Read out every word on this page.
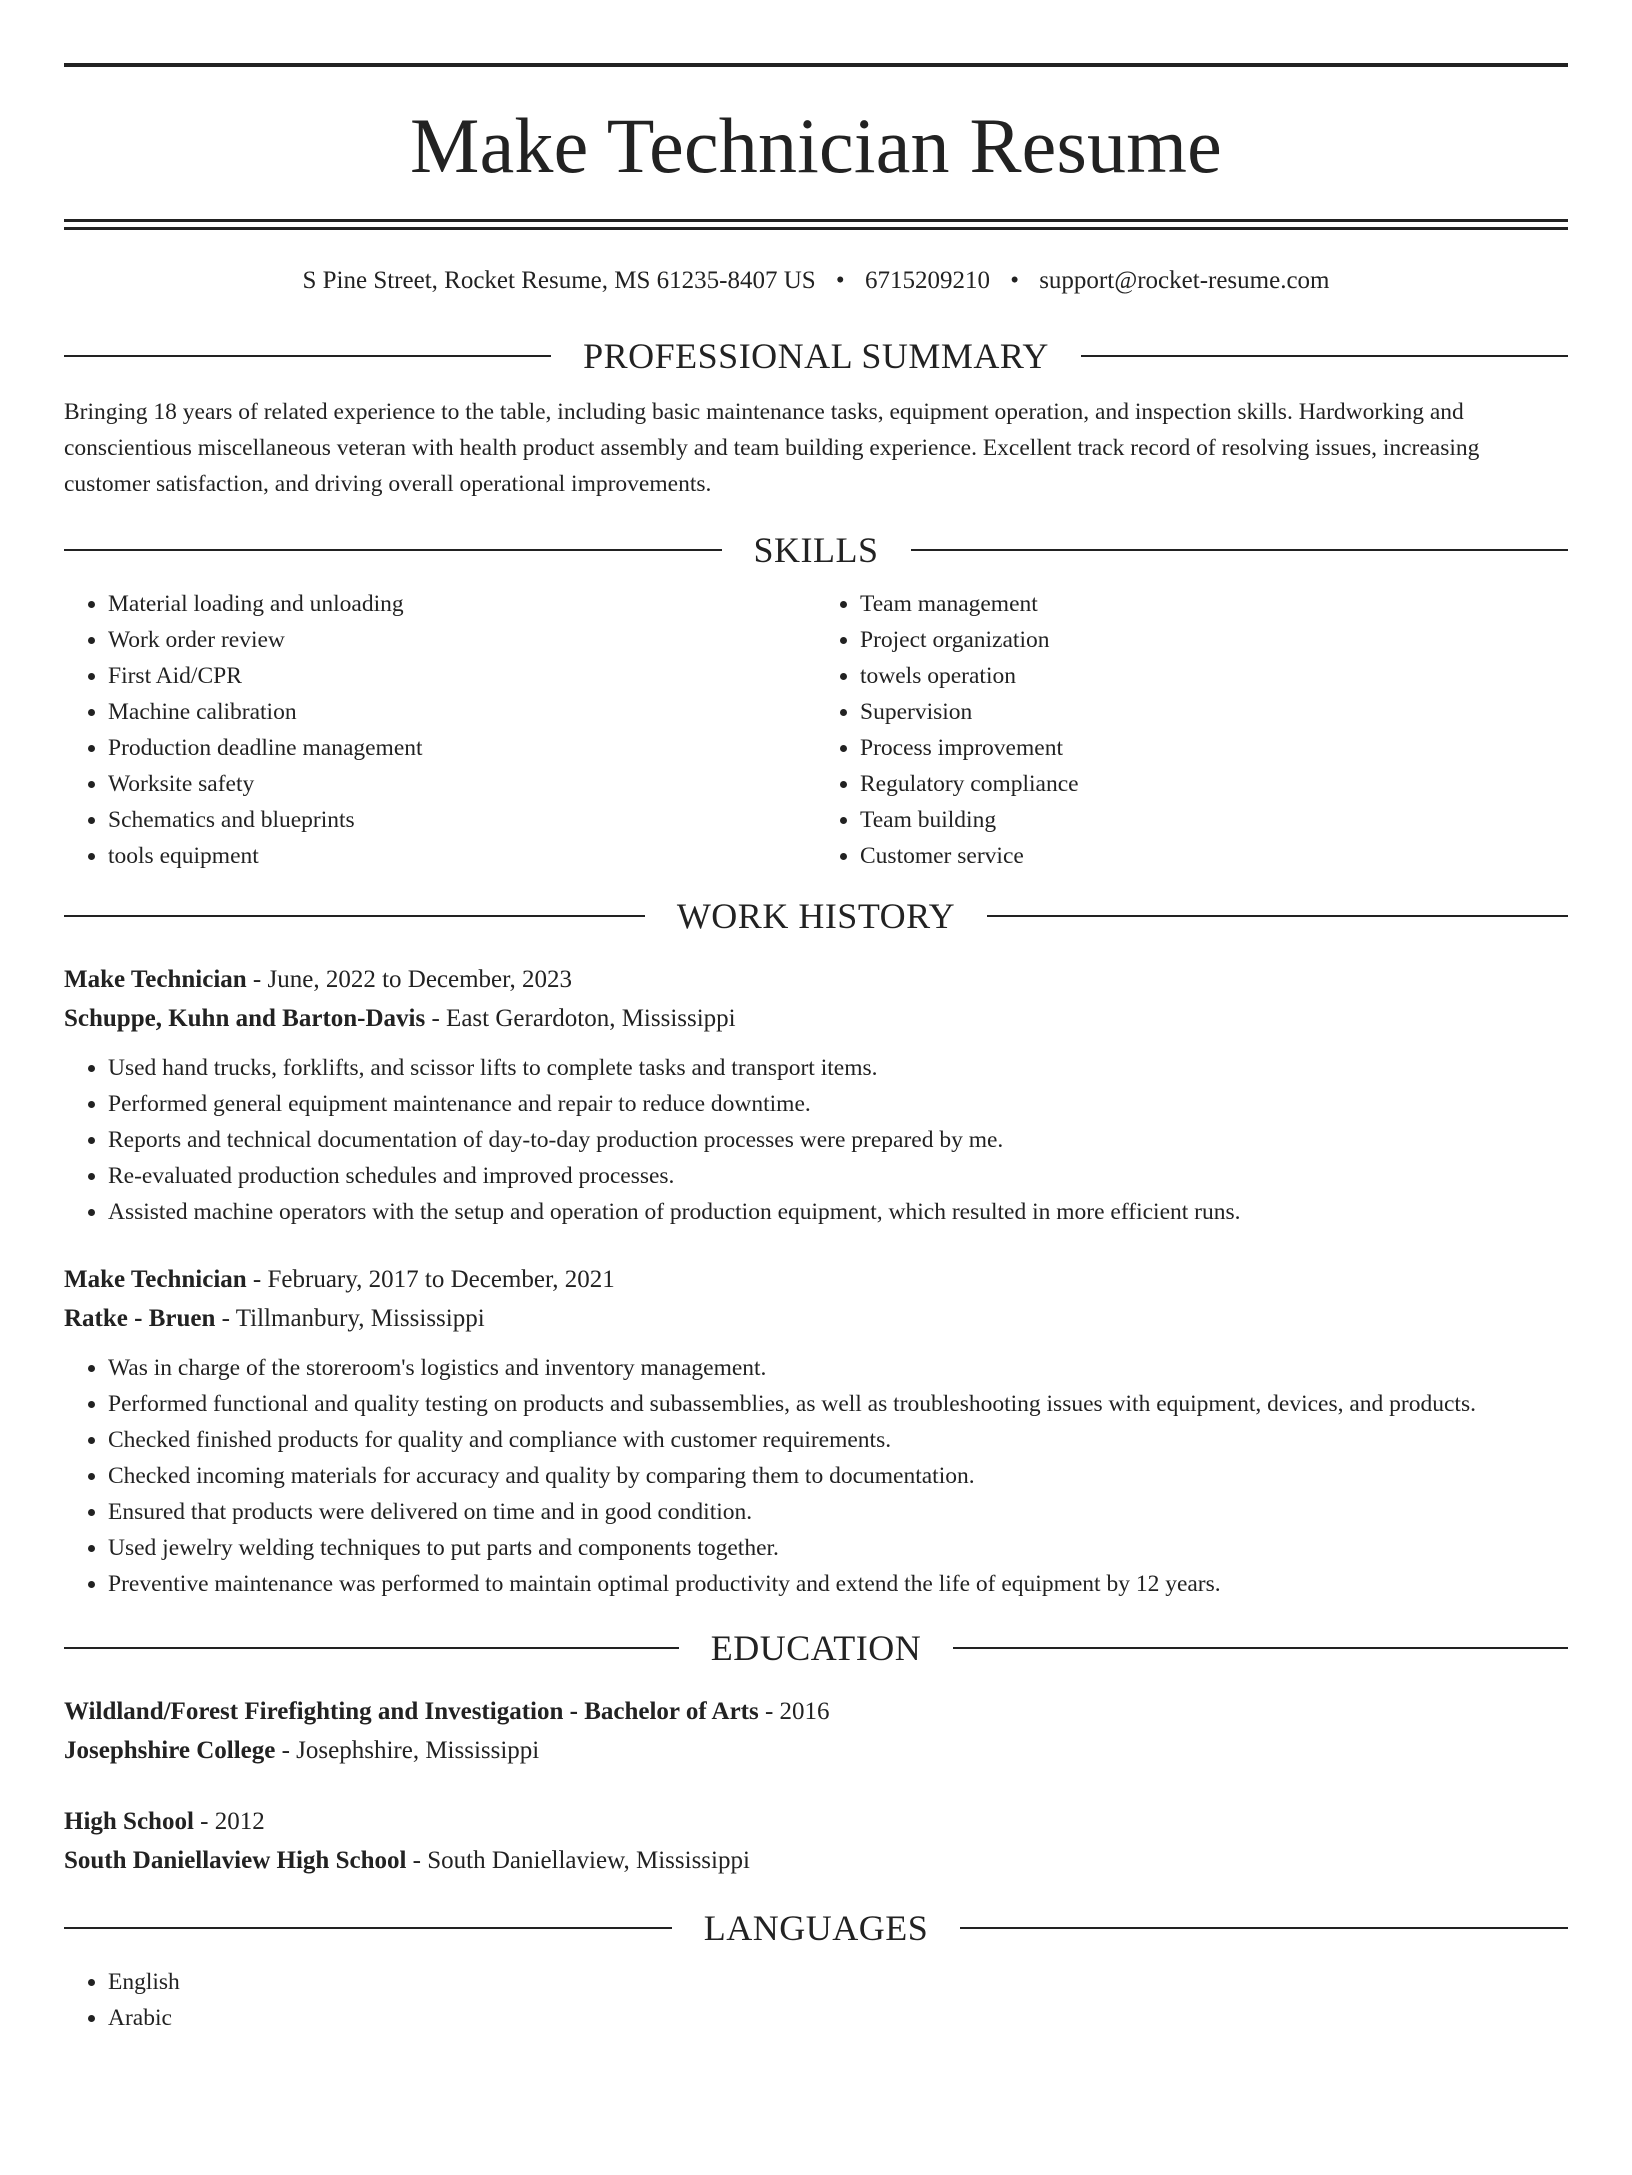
Make Technician Resume
S Pine Street, Rocket Resume, MS 61235-8407 US • 6715209210 • support@rocket-resume.com
PROFESSIONAL SUMMARY

Bringing 18 years of related experience to the table, including basic maintenance tasks, equipment operation, and inspection skills. Hardworking and conscientious miscellaneous veteran with health product assembly and team building experience. Excellent track record of resolving issues, increasing customer satisfaction, and driving overall operational improvements.

SKILLS
• Material loading and unloading
• Work order review
• First Aid/CPR
• Machine calibration
• Production deadline management
• Worksite safety
• Schematics and blueprints
• tools equipment
• Team management
• Project organization
• towels operation
• Supervision
• Process improvement
• Regulatory compliance
• Team building
• Customer service
WORK HISTORY
Make Technician - June, 2022 to December, 2023
Schuppe, Kuhn and Barton-Davis - East Gerardoton, Mississippi
• Used hand trucks, forklifts, and scissor lifts to complete tasks and transport items.
• Performed general equipment maintenance and repair to reduce downtime.
• Reports and technical documentation of day-to-day production processes were prepared by me.
• Re-evaluated production schedules and improved processes.
• Assisted machine operators with the setup and operation of production equipment, which resulted in more efficient runs.
Make Technician - February, 2017 to December, 2021
Ratke - Bruen - Tillmanbury, Mississippi
• Was in charge of the storeroom's logistics and inventory management.
• Performed functional and quality testing on products and subassemblies, as well as troubleshooting issues with equipment, devices, and products.
• Checked finished products for quality and compliance with customer requirements.
• Checked incoming materials for accuracy and quality by comparing them to documentation.
• Ensured that products were delivered on time and in good condition.
• Used jewelry welding techniques to put parts and components together.
• Preventive maintenance was performed to maintain optimal productivity and extend the life of equipment by 12 years.
EDUCATION
Wildland/Forest Firefighting and Investigation - Bachelor of Arts - 2016
Josephshire College - Josephshire, Mississippi
High School - 2012
South Daniellaview High School - South Daniellaview, Mississippi
LANGUAGES
• English
• Arabic
